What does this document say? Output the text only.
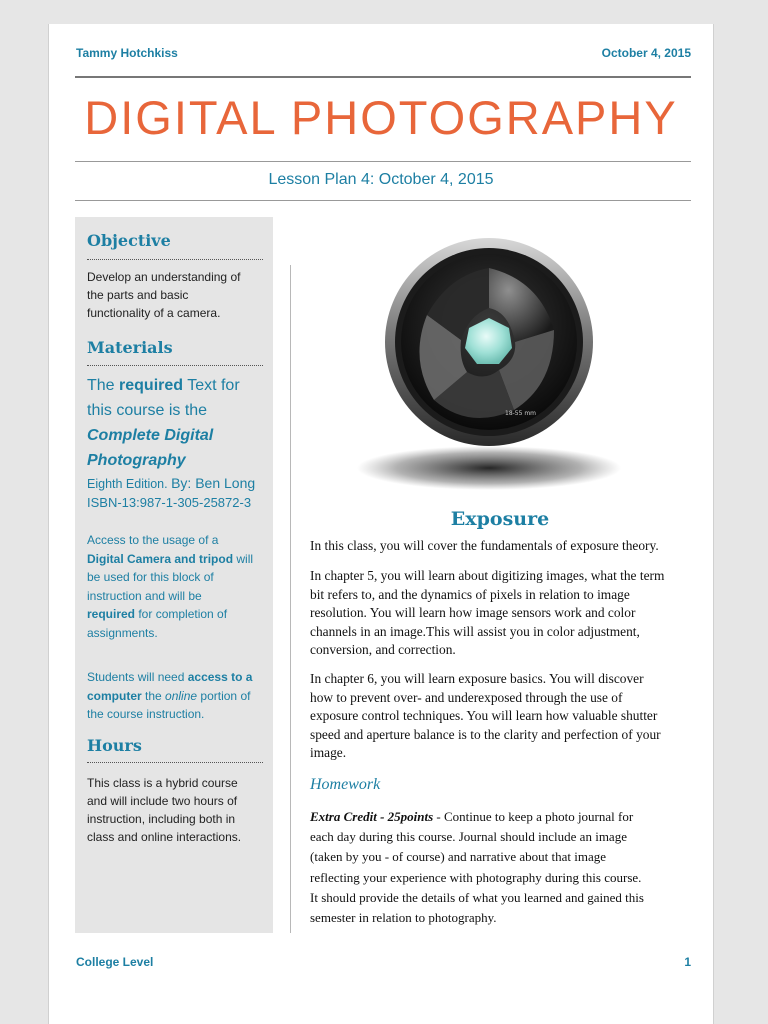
Tammy Hotchkiss	October 4, 2015
DIGITAL PHOTOGRAPHY
Lesson Plan 4: October 4, 2015
Objective
Develop an understanding of
the parts and basic
functionality of a camera.
Materials
The required Text for
this course is the
Complete Digital
Photography
Eighth Edition. By: Ben Long
ISBN-13:987-1-305-25872-3
Access to the usage of a
Digital Camera and tripod will
be used for this block of
instruction and will be
required for completion of
assignments.
Students will need access to a
computer the online portion of
the course instruction.
Hours
This class is a hybrid course
and will include two hours of
instruction, including both in
class and online interactions.
18-55 mm
Exposure
In this class, you will cover the fundamentals of exposure theory.
In chapter 5, you will learn about digitizing images, what the term
bit refers to, and the dynamics of pixels in relation to image
resolution. You will learn how image sensors work and color
channels in an image.This will assist you in color adjustment,
conversion, and correction.
In chapter 6, you will learn exposure basics. You will discover
how to prevent over- and underexposed through the use of
exposure control techniques. You will learn how valuable shutter
speed and aperture balance is to the clarity and perfection of your
image.
Homework
Extra Credit - 25points - Continue to keep a photo journal for
each day during this course. Journal should include an image
(taken by you - of course) and narrative about that image
reflecting your experience with photography during this course.
It should provide the details of what you learned and gained this
semester in relation to photography.
College Level	1
